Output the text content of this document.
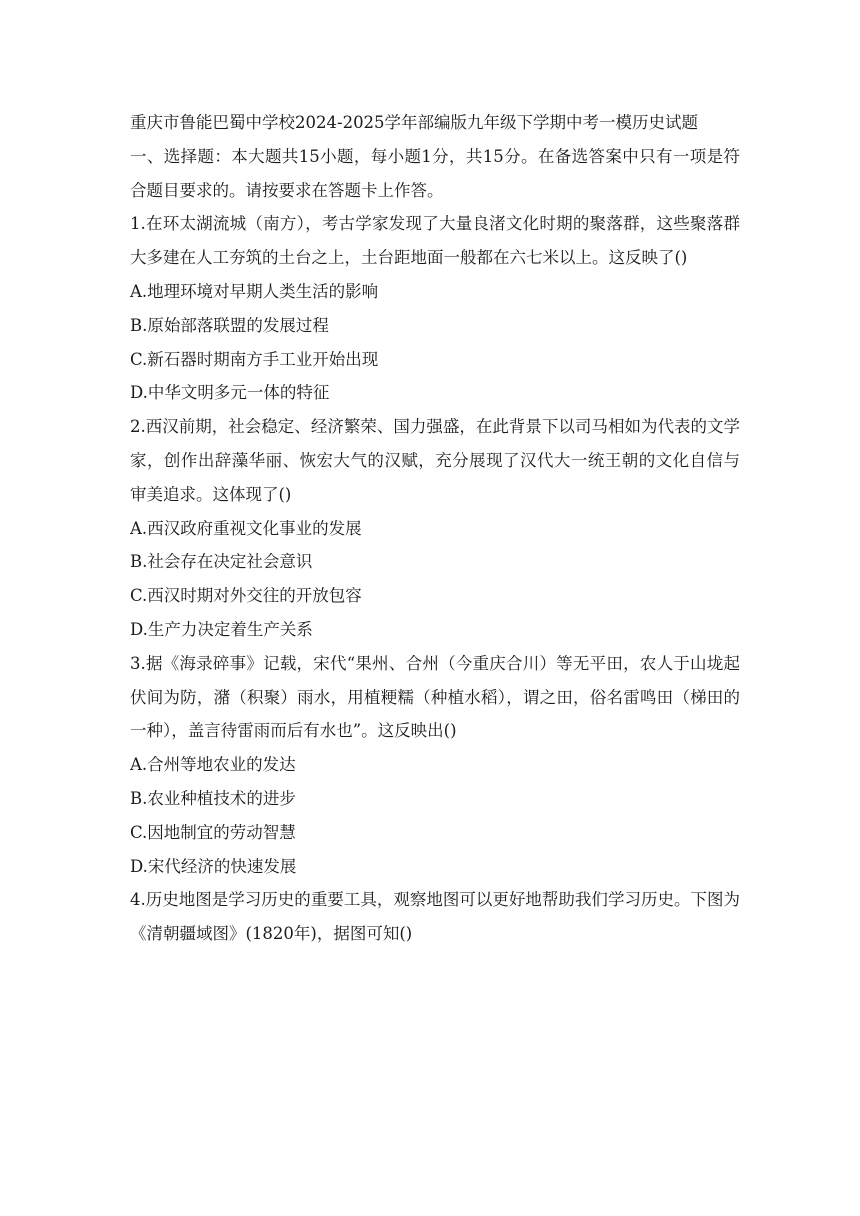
重庆市鲁能巴蜀中学校2024-2025学年部编版九年级下学期中考一模历史试题
一、选择题：本大题共15小题，每小题1分，共15分。在备选答案中只有一项是符合题目要求的。请按要求在答题卡上作答。
1.在环太湖流城（南方），考古学家发现了大量良渚文化时期的聚落群，这些聚落群大多建在人工夯筑的土台之上，土台距地面一般都在六七米以上。这反映了()
A.地理环境对早期人类生活的影响
B.原始部落联盟的发展过程
C.新石器时期南方手工业开始出现
D.中华文明多元一体的特征
2.西汉前期，社会稳定、经济繁荣、国力强盛，在此背景下以司马相如为代表的文学家，创作出辞藻华丽、恢宏大气的汉赋，充分展现了汉代大一统王朝的文化自信与审美追求。这体现了()
A.西汉政府重视文化事业的发展
B.社会存在决定社会意识
C.西汉时期对外交往的开放包容
D.生产力决定着生产关系
3.据《海录碎事》记载，宋代“果州、合州（今重庆合川）等无平田，农人于山垅起伏间为防，潴（积聚）雨水，用植粳糯（种植水稻），谓之田，俗名雷鸣田（梯田的一种），盖言待雷雨而后有水也”。这反映出()
A.合州等地农业的发达
B.农业种植技术的进步
C.因地制宜的劳动智慧
D.宋代经济的快速发展
4.历史地图是学习历史的重要工具，观察地图可以更好地帮助我们学习历史。下图为《清朝疆域图》(1820年)，据图可知()
